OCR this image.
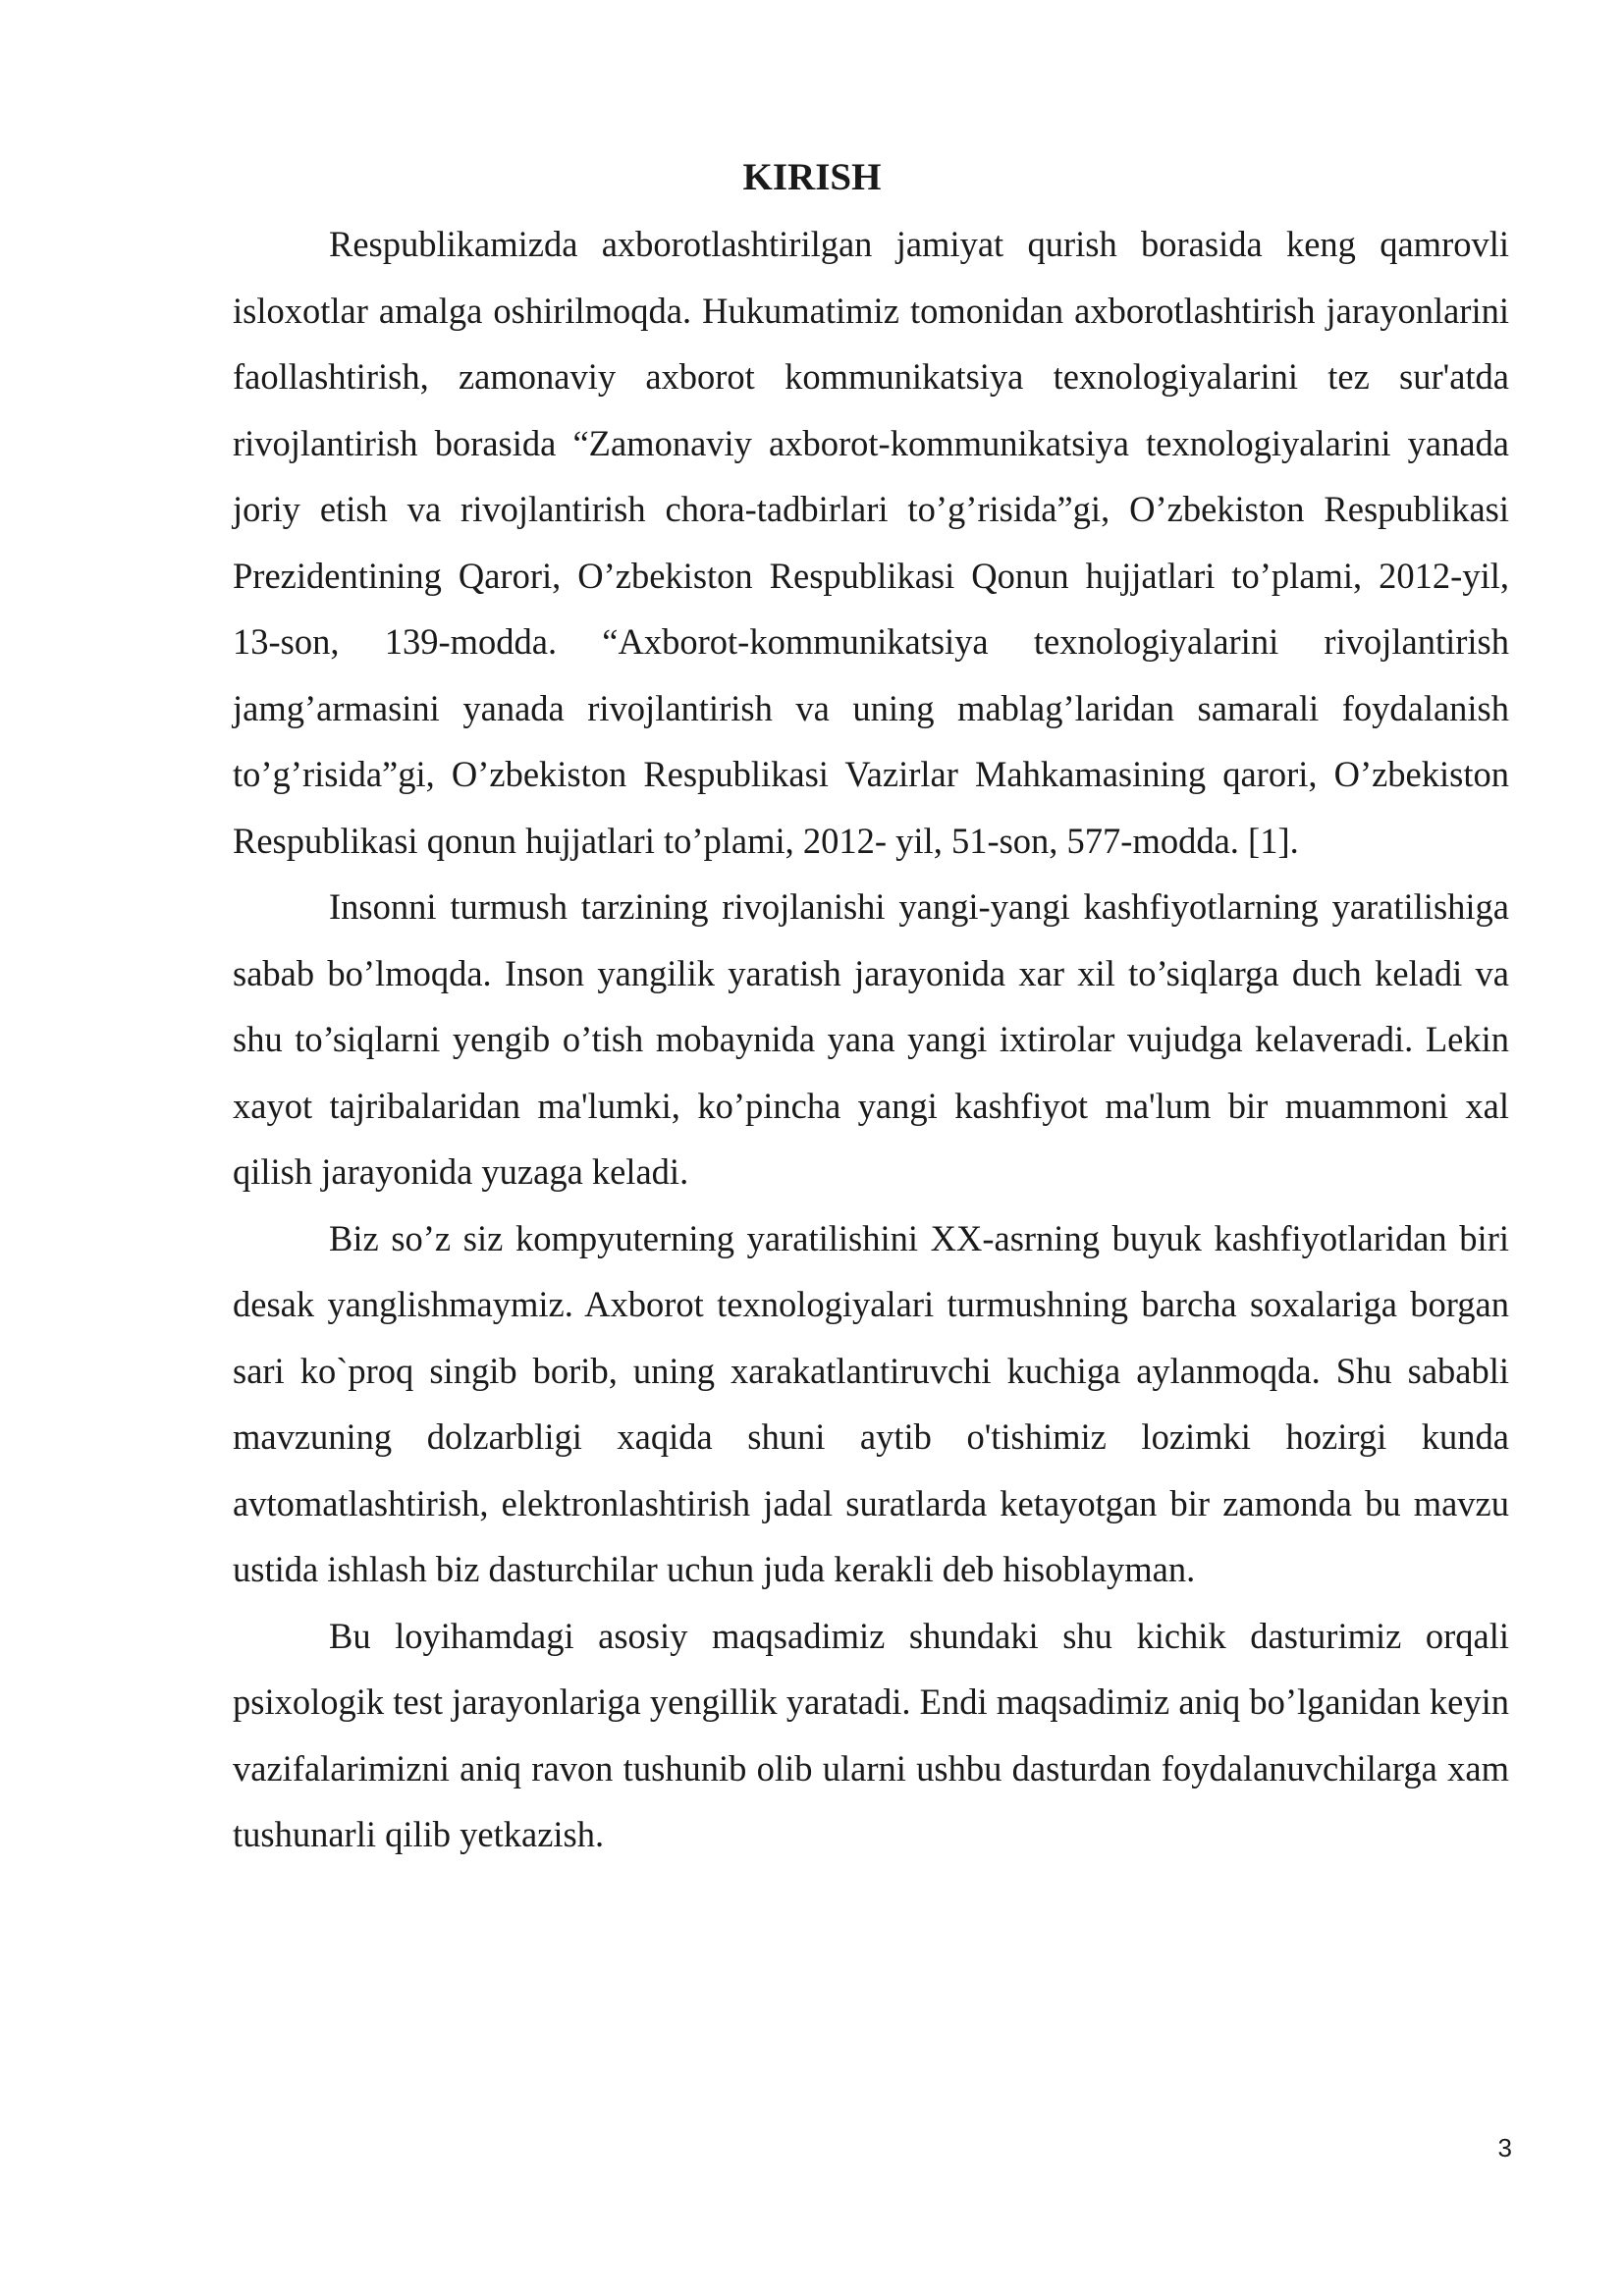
KIRISH

Respublikamizda axborotlashtirilgan jamiyat qurish borasida keng qamrovli isloxotlar amalga oshirilmoqda. Hukumatimiz tomonidan axborotlashtirish jarayonlarini faollashtirish, zamonaviy axborot kommunikatsiya texnologiyalarini tez sur'atda rivojlantirish borasida “Zamonaviy axborot-kommunikatsiya texnologiyalarini yanada joriy etish va rivojlantirish chora-tadbirlari to’g’risida”gi, O’zbekiston Respublikasi Prezidentining Qarori, O’zbekiston Respublikasi Qonun hujjatlari to’plami, 2012-yil, 13-son, 139-modda. “Axborot-kommunikatsiya texnologiyalarini rivojlantirish jamg’armasini yanada rivojlantirish va uning mablag’laridan samarali foydalanish to’g’risida”gi, O’zbekiston Respublikasi Vazirlar Mahkamasining qarori, O’zbekiston Respublikasi qonun hujjatlari to’plami, 2012- yil, 51-son, 577-modda. [1].

Insonni turmush tarzining rivojlanishi yangi-yangi kashfiyotlarning yaratilishiga sabab bo’lmoqda. Inson yangilik yaratish jarayonida xar xil to’siqlarga duch keladi va shu to’siqlarni yengib o’tish mobaynida yana yangi ixtirolar vujudga kelaveradi. Lekin xayot tajribalaridan ma'lumki, ko’pincha yangi kashfiyot ma'lum bir muammoni xal qilish jarayonida yuzaga keladi.

Biz so’z siz kompyuterning yaratilishini XX-asrning buyuk kashfiyotlaridan biri desak yanglishmaymiz. Axborot texnologiyalari turmushning barcha soxalariga borgan sari ko`proq singib borib, uning xarakatlantiruvchi kuchiga aylanmoqda. Shu sababli mavzuning dolzarbligi xaqida shuni aytib o'tishimiz lozimki hozirgi kunda avtomatlashtirish, elektronlashtirish jadal suratlarda ketayotgan bir zamonda bu mavzu ustida ishlash biz dasturchilar uchun juda kerakli deb hisoblayman.

Bu loyihamdagi asosiy maqsadimiz shundaki shu kichik dasturimiz orqali psixologik test jarayonlariga yengillik yaratadi. Endi maqsadimiz aniq bo’lganidan keyin vazifalarimizni aniq ravon tushunib olib ularni ushbu dasturdan foydalanuvchilarga xam tushunarli qilib yetkazish.

3
